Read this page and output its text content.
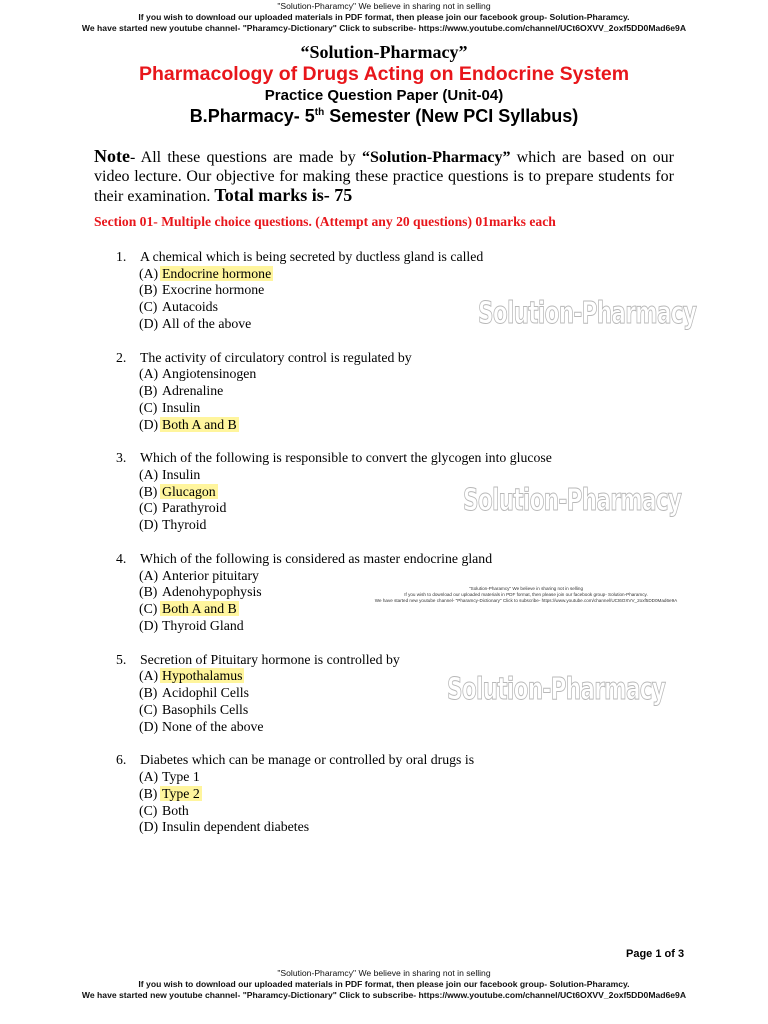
"Solution-Pharamcy" We believe in sharing not in selling
If you wish to download our uploaded materials in PDF format, then please join our facebook group- Solution-Pharamcy.
We have started new youtube channel- "Pharamcy-Dictionary" Click to subscribe- https://www.youtube.com/channel/UCt6OXVV_2oxf5DD0Mad6e9A
“Solution-Pharmacy”
Pharmacology of Drugs Acting on Endocrine System
Practice Question Paper (Unit-04)
B.Pharmacy- 5th Semester (New PCI Syllabus)
Note- All these questions are made by “Solution-Pharmacy” which are based on our video lecture. Our objective for making these practice questions is to prepare students for their examination. Total marks is- 75
Section 01- Multiple choice questions. (Attempt any 20 questions) 01marks each
1. A chemical which is being secreted by ductless gland is called
(A) Endocrine hormone
(B) Exocrine hormone
(C) Autacoids
(D) All of the above
2. The activity of circulatory control is regulated by
(A) Angiotensinogen
(B) Adrenaline
(C) Insulin
(D) Both A and B
3. Which of the following is responsible to convert the glycogen into glucose
(A) Insulin
(B) Glucagon
(C) Parathyroid
(D) Thyroid
4. Which of the following is considered as master endocrine gland
(A) Anterior pituitary
(B) Adenohypophysis
(C) Both A and B
(D) Thyroid Gland
5. Secretion of Pituitary hormone is controlled by
(A) Hypothalamus
(B) Acidophil Cells
(C) Basophils Cells
(D) None of the above
6. Diabetes which can be manage or controlled by oral drugs is
(A) Type 1
(B) Type 2
(C) Both
(D) Insulin dependent diabetes
Solution-Pharmacy
Solution-Pharmacy
Solution-Pharmacy
"Solution-Pharamcy" We believe in sharing not in selling
If you wish to download our uploaded materials in PDF format, then please join our facebook group- Solution-Pharamcy.
We have started new youtube channel- "Pharamcy-Dictionary" Click to subscribe- https://www.youtube.com/channel/UCt6OXVV_2oxf5DD0Mad6e9A
Page 1 of 3
"Solution-Pharamcy" We believe in sharing not in selling
If you wish to download our uploaded materials in PDF format, then please join our facebook group- Solution-Pharamcy.
We have started new youtube channel- "Pharamcy-Dictionary" Click to subscribe- https://www.youtube.com/channel/UCt6OXVV_2oxf5DD0Mad6e9A
